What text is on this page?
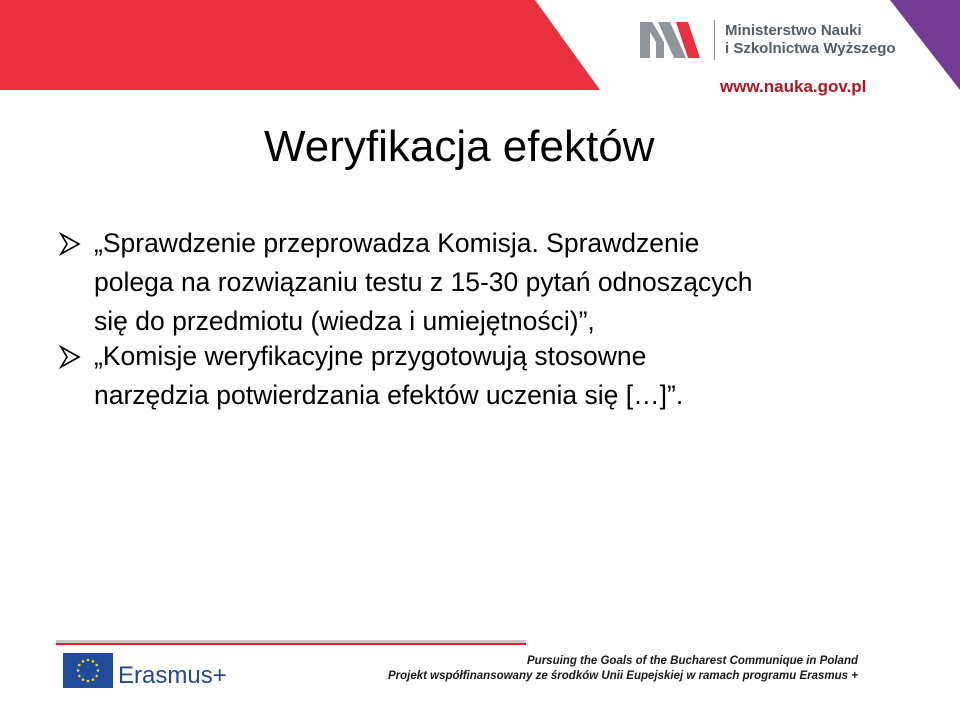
Ministerstwo Nauki
i Szkolnictwa Wyższego
www.nauka.gov.pl
Weryfikacja efektów
„Sprawdzenie przeprowadza Komisja. Sprawdzenie
polega na rozwiązaniu testu z 15-30 pytań odnoszących
się do przedmiotu (wiedza i umiejętności)”,
„Komisje weryfikacyjne przygotowują stosowne
narzędzia potwierdzania efektów uczenia się […]”.
Erasmus+
Pursuing the Goals of the Bucharest Communique in Poland
Projekt współfinansowany ze środków Unii Eupejskiej w ramach programu Erasmus +
